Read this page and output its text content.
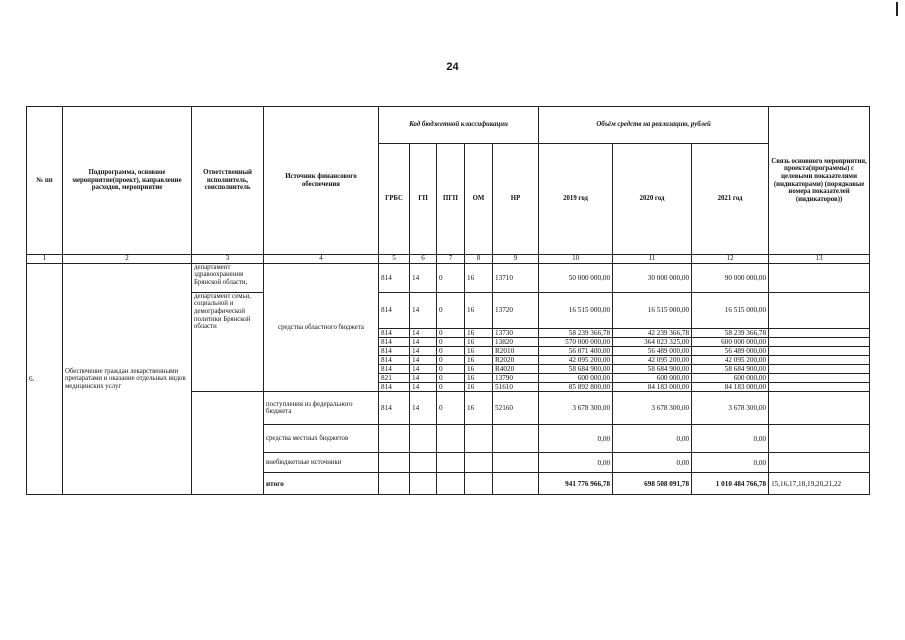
24
№ пп	Подпрограмма, основное мероприятие(проект), направление расходов, мероприятие	Ответственный исполнитель, соисполнитель	Источник финансового обеспечения	Код бюджетной классификации					Объём средств на реализацию, рублей			Связь основного мероприятия, проекта(программы) с целевыми показателями (индикаторами) (порядковые номера показателей (индикаторов))
				ГРБС	ГП	ПГП	ОМ	НР	2019 год	2020 год	2021 год	
1	2	3	4	5	6	7	8	9	10	11	12	13
6.	Обеспечение граждан лекарственными препаратами и оказание отдельных видов медицинских услуг	департамент здравоохранения Брянской области,	средства областного бюджета	814	14	0	16	13710	50 000 000,00	30 000 000,00	90 000 000,00	
		департамент семьи, социальной и демографической политики Брянской области		814	14	0	16	13720	16 515 000,00	16 515 000,00	16 515 000,00	
				814	14	0	16	13730	58 239 366,78	42 239 366,78	58 239 366,78	
				814	14	0	16	13820	570 000 000,00	364 023 325,00	600 000 000,00	
				814	14	0	16	R2010	56 071 400,00	56 489 000,00	56 489 000,00	
				814	14	0	16	R2020	42 095 200,00	42 095 200,00	42 095 200,00	
				814	14	0	16	R4020	58 684 900,00	58 684 900,00	58 684 900,00	
				821	14	0	16	13790	600 000,00	600 000,00	600 000,00	
				814	14	0	16	51610	85 892 800,00	84 183 000,00	84 183 000,00	
			поступления из федерального бюджета	814	14	0	16	52160	3 678 300,00	3 678 300,00	3 678 300,00	
			средства местных бюджетов						0,00	0,00	0,00	
			внебюджетные источники						0,00	0,00	0,00	
			итого						941 776 966,78	698 508 091,78	1 010 484 766,78	15,16,17,18,19,20,21,22
